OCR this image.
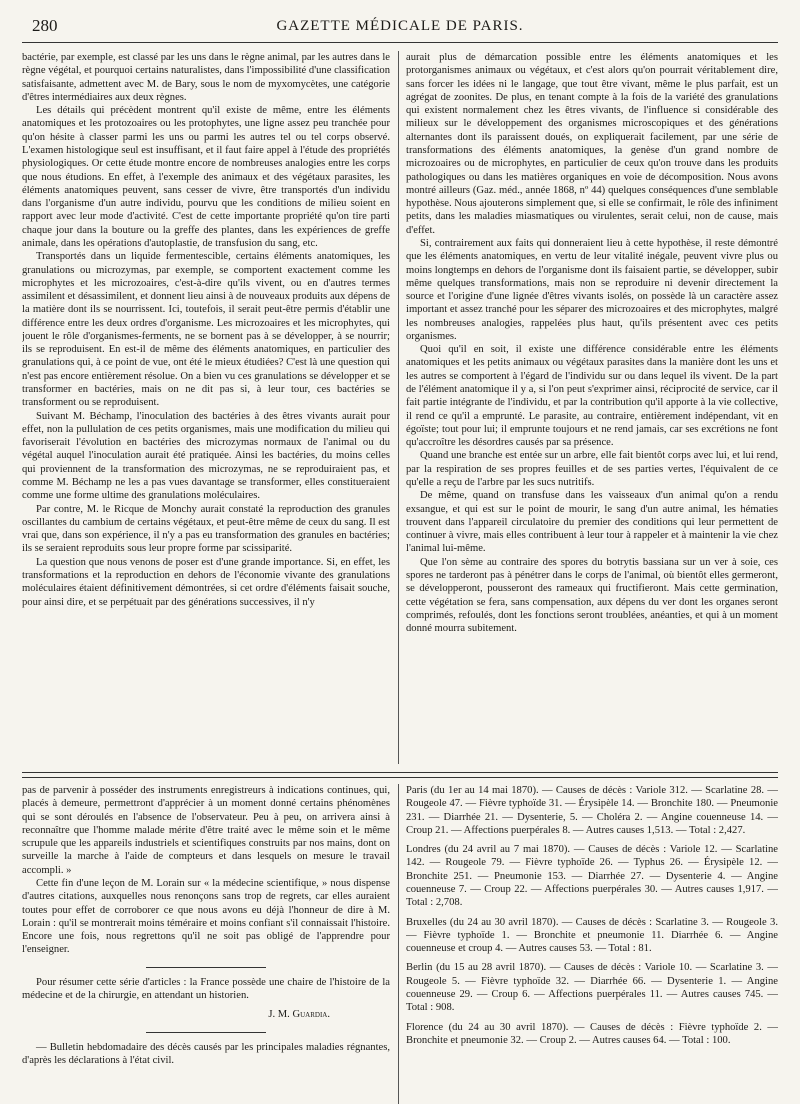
280	GAZETTE MÉDICALE DE PARIS.

bactérie, par exemple, est classé par les uns dans le règne animal, par les autres dans le règne végétal, et pourquoi certains naturalistes, dans l'impossibilité d'une classification satisfaisante, admettent avec M. de Bary, sous le nom de myxomycètes, une catégorie d'êtres intermédiaires aux deux règnes.

Les détails qui précèdent montrent qu'il existe de même, entre les éléments anatomiques et les protozoaires ou les protophytes, une ligne assez peu tranchée pour qu'on hésite à classer parmi les uns ou parmi les autres tel ou tel corps observé. L'examen histologique seul est insuffisant, et il faut faire appel à l'étude des propriétés physiologiques. Or cette étude montre encore de nombreuses analogies entre les corps que nous étudions. En effet, à l'exemple des animaux et des végétaux parasites, les éléments anatomiques peuvent, sans cesser de vivre, être transportés d'un individu dans l'organisme d'un autre individu, pourvu que les conditions de milieu soient en rapport avec leur mode d'activité. C'est de cette importante propriété qu'on tire parti chaque jour dans la bouture ou la greffe des plantes, dans les expériences de greffe animale, dans les opérations d'autoplastie, de transfusion du sang, etc.

Transportés dans un liquide fermentescible, certains éléments anatomiques, les granulations ou microzymas, par exemple, se comportent exactement comme les microphytes et les microzoaires, c'est-à-dire qu'ils vivent, ou en d'autres termes assimilent et désassimilent, et donnent lieu ainsi à de nouveaux produits aux dépens de la matière dont ils se nourrissent. Ici, toutefois, il serait peut-être permis d'établir une différence entre les deux ordres d'organisme. Les microzoaires et les microphytes, qui jouent le rôle d'organismes-ferments, ne se bornent pas à se développer, à se nourrir; ils se reproduisent. En est-il de même des éléments anatomiques, en particulier des granulations qui, à ce point de vue, ont été le mieux étudiées? C'est là une question qui n'est pas encore entièrement résolue. On a bien vu ces granulations se développer et se transformer en bactéries, mais on ne dit pas si, à leur tour, ces bactéries se transforment ou se reproduisent.

Suivant M. Béchamp, l'inoculation des bactéries à des êtres vivants aurait pour effet, non la pullulation de ces petits organismes, mais une modification du milieu qui favoriserait l'évolution en bactéries des microzymas normaux de l'animal ou du végétal auquel l'inoculation aurait été pratiquée. Ainsi les bactéries, du moins celles qui proviennent de la transformation des microzymas, ne se reproduiraient pas, et comme M. Béchamp ne les a pas vues davantage se transformer, elles constitueraient comme une forme ultime des granulations moléculaires.

Par contre, M. le Ricque de Monchy aurait constaté la reproduction des granules oscillantes du cambium de certains végétaux, et peut-être même de ceux du sang. Il est vrai que, dans son expérience, il n'y a pas eu transformation des granules en bactéries; ils se seraient reproduits sous leur propre forme par scissiparité.

La question que nous venons de poser est d'une grande importance. Si, en effet, les transformations et la reproduction en dehors de l'économie vivante des granulations moléculaires étaient définitivement démontrées, si cet ordre d'éléments faisait souche, pour ainsi dire, et se perpétuait par des générations successives, il n'y

aurait plus de démarcation possible entre les éléments anatomiques et les protorganismes animaux ou végétaux, et c'est alors qu'on pourrait véritablement dire, sans forcer les idées ni le langage, que tout être vivant, même le plus parfait, est un agrégat de zoonites. De plus, en tenant compte à la fois de la variété des granulations qui existent normalement chez les êtres vivants, de l'influence si considérable des milieux sur le développement des organismes microscopiques et des générations alternantes dont ils paraissent doués, on expliquerait facilement, par une série de transformations des éléments anatomiques, la genèse d'un grand nombre de microzoaires ou de microphytes, en particulier de ceux qu'on trouve dans les produits pathologiques ou dans les matières organiques en voie de décomposition. Nous avons montré ailleurs (Gaz. méd., année 1868, nº 44) quelques conséquences d'une semblable hypothèse. Nous ajouterons simplement que, si elle se confirmait, le rôle des infiniment petits, dans les maladies miasmatiques ou virulentes, serait celui, non de cause, mais d'effet.

Si, contrairement aux faits qui donneraient lieu à cette hypothèse, il reste démontré que les éléments anatomiques, en vertu de leur vitalité inégale, peuvent vivre plus ou moins longtemps en dehors de l'organisme dont ils faisaient partie, se développer, subir même quelques transformations, mais non se reproduire ni devenir directement la source et l'origine d'une lignée d'êtres vivants isolés, on possède là un caractère assez important et assez tranché pour les séparer des microzoaires et des microphytes, malgré les nombreuses analogies, rappelées plus haut, qu'ils présentent avec ces petits organismes.

Quoi qu'il en soit, il existe une différence considérable entre les éléments anatomiques et les petits animaux ou végétaux parasites dans la manière dont les uns et les autres se comportent à l'égard de l'individu sur ou dans lequel ils vivent. De la part de l'élément anatomique il y a, si l'on peut s'exprimer ainsi, réciprocité de service, car il fait partie intégrante de l'individu, et par la contribution qu'il apporte à la vie collective, il rend ce qu'il a emprunté. Le parasite, au contraire, entièrement indépendant, vit en égoïste; tout pour lui; il emprunte toujours et ne rend jamais, car ses excrétions ne font qu'accroître les désordres causés par sa présence.

Quand une branche est entée sur un arbre, elle fait bientôt corps avec lui, et lui rend, par la respiration de ses propres feuilles et de ses parties vertes, l'équivalent de ce qu'elle a reçu de l'arbre par les sucs nutritifs.

De même, quand on transfuse dans les vaisseaux d'un animal qu'on a rendu exsangue, et qui est sur le point de mourir, le sang d'un autre animal, les hématies trouvent dans l'appareil circulatoire du premier des conditions qui leur permettent de continuer à vivre, mais elles contribuent à leur tour à rappeler et à maintenir la vie chez l'animal lui-même.

Que l'on sème au contraire des spores du botrytis bassiana sur un ver à soie, ces spores ne tarderont pas à pénétrer dans le corps de l'animal, où bientôt elles germeront, se développeront, pousseront des rameaux qui fructifieront. Mais cette germination, cette végétation se fera, sans compensation, aux dépens du ver dont les organes seront comprimés, refoulés, dont les fonctions seront troublées, anéanties, et qui à un moment donné mourra subitement.

pas de parvenir à posséder des instruments enregistreurs à indications continues, qui, placés à demeure, permettront d'apprécier à un moment donné certains phénomènes qui se sont déroulés en l'absence de l'observateur. Peu à peu, on arrivera ainsi à reconnaître que l'homme malade mérite d'être traité avec le même soin et le même scrupule que les appareils industriels et scientifiques construits par nos mains, dont on surveille la marche à l'aide de compteurs et dans lesquels on mesure le travail accompli. »

Cette fin d'une leçon de M. Lorain sur « la médecine scientifique, » nous dispense d'autres citations, auxquelles nous renonçons sans trop de regrets, car elles auraient toutes pour effet de corroborer ce que nous avons eu déjà l'honneur de dire à M. Lorain : qu'il se montrerait moins téméraire et moins confiant s'il connaissait l'histoire. Encore une fois, nous regrettons qu'il ne soit pas obligé de l'apprendre pour l'enseigner.

Pour résumer cette série d'articles : la France possède une chaire de l'histoire de la médecine et de la chirurgie, en attendant un historien.

J. M. Guardia.

— Bulletin hebdomadaire des décès causés par les principales maladies régnantes, d'après les déclarations à l'état civil.

Paris (du 1er au 14 mai 1870). — Causes de décès : Variole 312. — Scarlatine 28. — Rougeole 47. — Fièvre typhoïde 31. — Érysipèle 14. — Bronchite 180. — Pneumonie 231. — Diarrhée 21. — Dysenterie, 5. — Choléra 2. — Angine couenneuse 14. — Croup 21. — Affections puerpérales 8. — Autres causes 1,513. — Total : 2,427.

Londres (du 24 avril au 7 mai 1870). — Causes de décès : Variole 12. — Scarlatine 142. — Rougeole 79. — Fièvre typhoïde 26. — Typhus 26. — Érysipèle 12. — Bronchite 251. — Pneumonie 153. — Diarrhée 27. — Dysenterie 4. — Angine couenneuse 7. — Croup 22. — Affections puerpérales 30. — Autres causes 1,917. — Total : 2,708.

Bruxelles (du 24 au 30 avril 1870). — Causes de décès : Scarlatine 3. — Rougeole 3. — Fièvre typhoïde 1. — Bronchite et pneumonie 11. Diarrhée 6. — Angine couenneuse et croup 4. — Autres causes 53. — Total : 81.

Berlin (du 15 au 28 avril 1870). — Causes de décès : Variole 10. — Scarlatine 3. — Rougeole 5. — Fièvre typhoïde 32. — Diarrhée 66. — Dysenterie 1. — Angine couenneuse 29. — Croup 6. — Affections puerpérales 11. — Autres causes 745. — Total : 908.

Florence (du 24 au 30 avril 1870). — Causes de décès : Fièvre typhoïde 2. — Bronchite et pneumonie 32. — Croup 2. — Autres causes 64. — Total : 100.
